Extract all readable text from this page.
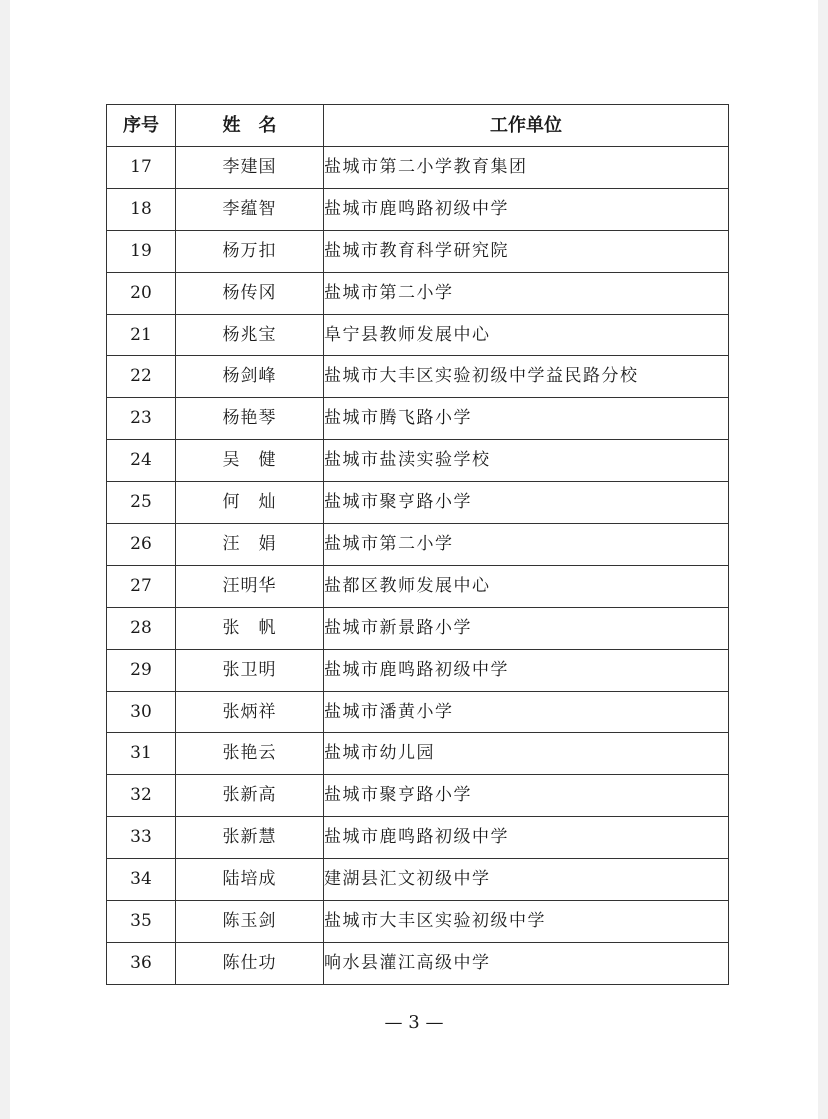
序号	姓　名	工作单位
17	李建国	盐城市第二小学教育集团
18	李蕴智	盐城市鹿鸣路初级中学
19	杨万扣	盐城市教育科学研究院
20	杨传冈	盐城市第二小学
21	杨兆宝	阜宁县教师发展中心
22	杨剑峰	盐城市大丰区实验初级中学益民路分校
23	杨艳琴	盐城市腾飞路小学
24	吴　健	盐城市盐渎实验学校
25	何　灿	盐城市聚亨路小学
26	汪　娟	盐城市第二小学
27	汪明华	盐都区教师发展中心
28	张　帆	盐城市新景路小学
29	张卫明	盐城市鹿鸣路初级中学
30	张炳祥	盐城市潘黄小学
31	张艳云	盐城市幼儿园
32	张新高	盐城市聚亨路小学
33	张新慧	盐城市鹿鸣路初级中学
34	陆培成	建湖县汇文初级中学
35	陈玉剑	盐城市大丰区实验初级中学
36	陈仕功	响水县灌江高级中学
— 3 —
